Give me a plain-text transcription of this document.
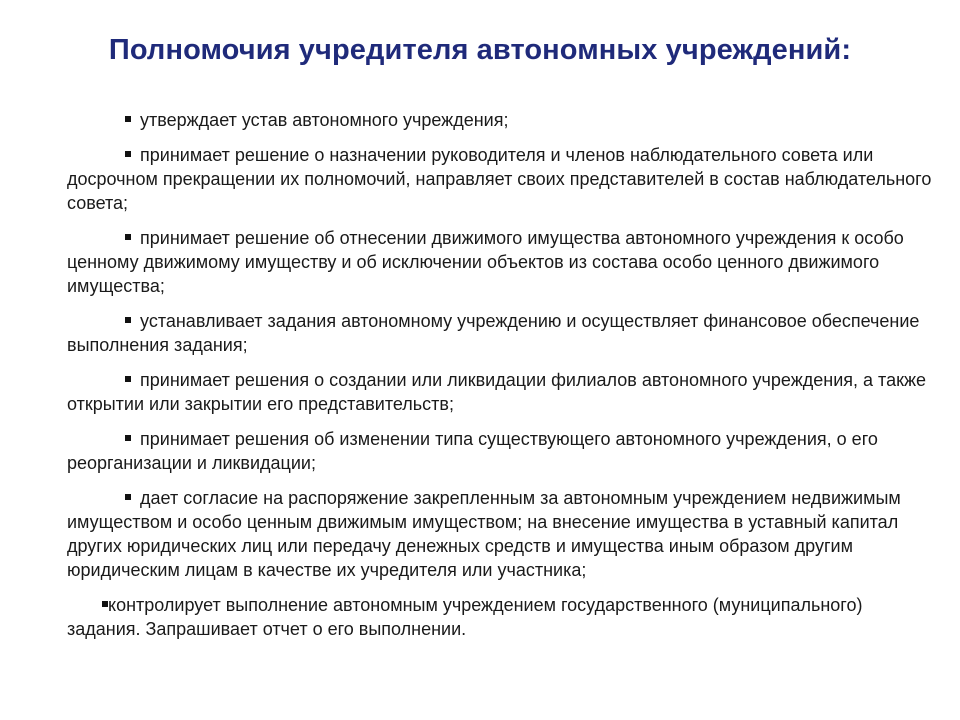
Полномочия учредителя автономных учреждений:
утверждает устав автономного учреждения;
принимает решение о назначении руководителя и членов наблюдательного совета или досрочном прекращении их полномочий, направляет своих представителей в состав наблюдательного совета;
принимает решение об отнесении движимого имущества автономного учреждения к особо ценному движимому имуществу и об исключении объектов из состава особо ценного движимого имущества;
устанавливает задания автономному учреждению и осуществляет финансовое обеспечение выполнения задания;
принимает решения о создании или ликвидации филиалов автономного учреждения, а также открытии или закрытии его представительств;
принимает решения об изменении типа существующего автономного учреждения, о его реорганизации и ликвидации;
дает согласие на распоряжение закрепленным за автономным учреждением недвижимым имуществом и особо ценным движимым имуществом; на внесение имущества в уставный капитал других юридических лиц или передачу денежных средств и имущества иным образом другим юридическим лицам в качестве их учредителя или участника;
контролирует выполнение автономным учреждением государственного (муниципального) задания. Запрашивает отчет о его выполнении.
